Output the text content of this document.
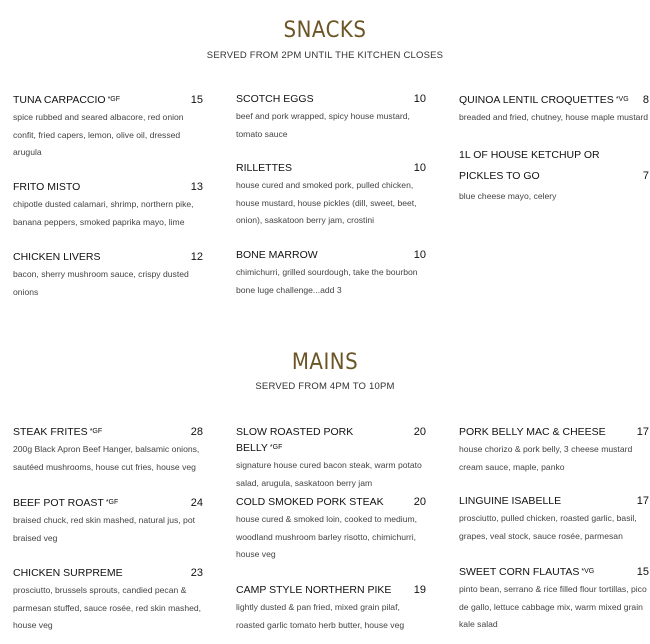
SNACKS
SERVED FROM 2PM UNTIL THE KITCHEN CLOSES
TUNA CARPACCIO $^{*GF}$	15
spice rubbed and seared albacore, red onion confit, fried capers, lemon, olive oil, dressed arugula
FRITO MISTO	13
chipotle dusted calamari, shrimp, northern pike, banana peppers, smoked paprika mayo, lime
CHICKEN LIVERS	12
bacon, sherry mushroom sauce, crispy dusted onions
SCOTCH EGGS	10
beef and pork wrapped, spicy house mustard, tomato sauce
RILLETTES	10
house cured and smoked pork, pulled chicken, house mustard, house pickles (dill, sweet, beet, onion), saskatoon berry jam, crostini
BONE MARROW	10
chimichurri, grilled sourdough, take the bourbon bone luge challenge...add 3
QUINOA LENTIL CROQUETTES $^{*VG}$ 8
breaded and fried, chutney, house maple mustard
1L OF HOUSE KETCHUP OR PICKLES TO GO	7
blue cheese mayo, celery
MAINS
SERVED FROM 4PM TO 10PM
STEAK FRITES $^{*GF}$	28
200g Black Apron Beef Hanger, balsamic onions, sautéed mushrooms, house cut fries, house veg
BEEF POT ROAST $^{*GF}$	24
braised chuck, red skin mashed, natural jus, pot braised veg
CHICKEN SURPREME	23
prosciutto, brussels sprouts, candied pecan & parmesan stuffed, sauce rosée, red skin mashed, house veg
SLOW ROASTED PORK BELLY $^{*GF}$
20
signature house cured bacon steak, warm potato salad, arugula, saskatoon berry jam
COLD SMOKED PORK STEAK	20
house cured & smoked loin, cooked to medium, woodland mushroom barley risotto, chimichurri, house veg
CAMP STYLE NORTHERN PIKE 19
lightly dusted & pan fried, mixed grain pilaf, roasted garlic tomato herb butter, house veg
PORK BELLY MAC & CHEESE	17
house chorizo & pork belly, 3 cheese mustard cream sauce, maple, panko
LINGUINE ISABELLE	17
prosciutto, pulled chicken, roasted garlic, basil, grapes, veal stock, sauce rosée, parmesan
SWEET CORN FLAUTAS $^{*VG}$	15
pinto bean, serrano & rice filled flour tortillas, pico de gallo, lettuce cabbage mix, warm mixed grain kale salad
